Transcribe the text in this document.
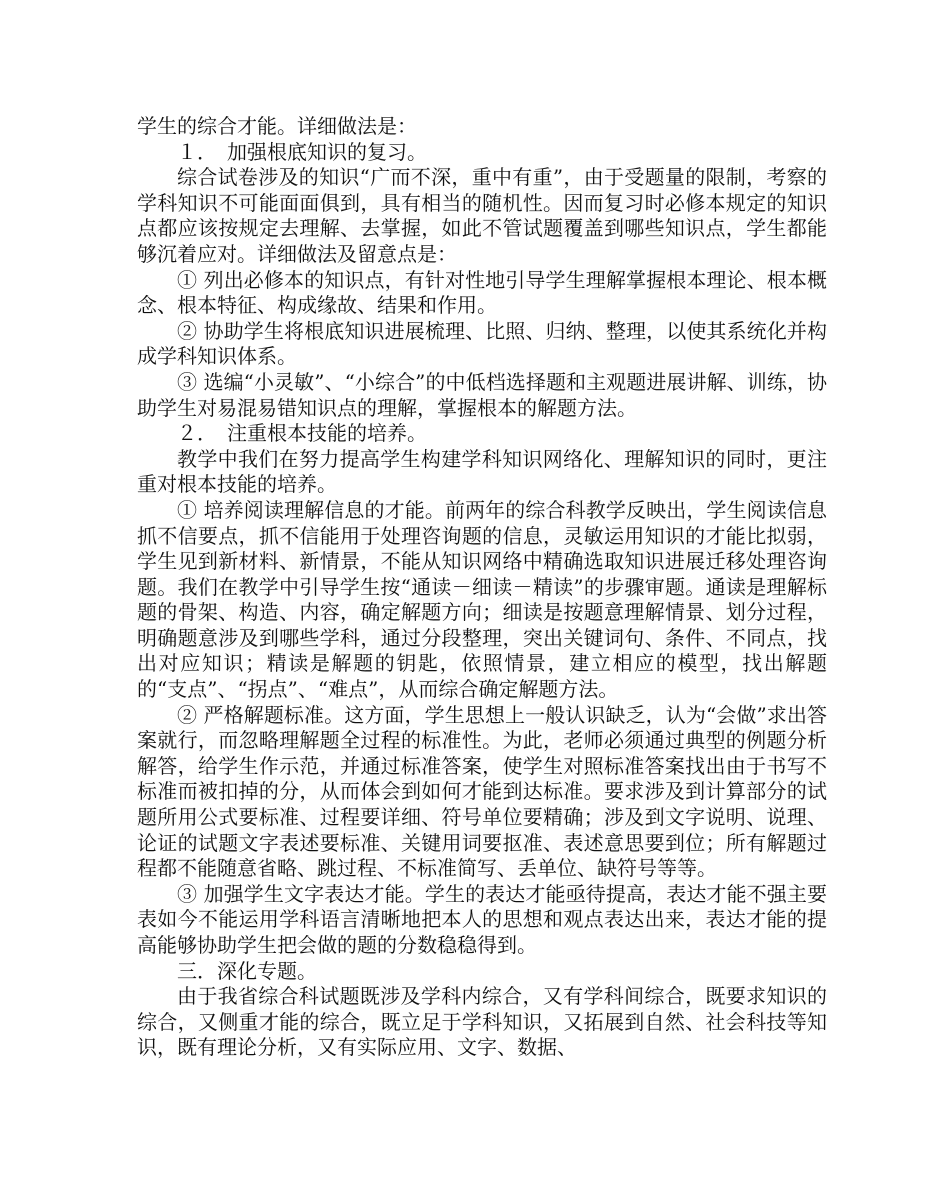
学生的综合才能。详细做法是：

１．　加强根底知识的复习。

综合试卷涉及的知识“广而不深，重中有重”，由于受题量的限制，考察的学科知识不可能面面俱到，具有相当的随机性。因而复习时必修本规定的知识点都应该按规定去理解、去掌握，如此不管试题覆盖到哪些知识点，学生都能够沉着应对。详细做法及留意点是：

① 列出必修本的知识点，有针对性地引导学生理解掌握根本理论、根本概念、根本特征、构成缘故、结果和作用。

② 协助学生将根底知识进展梳理、比照、归纳、整理，以使其系统化并构成学科知识体系。

③ 选编“小灵敏”、“小综合”的中低档选择题和主观题进展讲解、训练，协助学生对易混易错知识点的理解，掌握根本的解题方法。

２．　注重根本技能的培养。

教学中我们在努力提高学生构建学科知识网络化、理解知识的同时，更注重对根本技能的培养。

① 培养阅读理解信息的才能。前两年的综合科教学反映出，学生阅读信息抓不信要点，抓不信能用于处理咨询题的信息，灵敏运用知识的才能比拟弱，学生见到新材料、新情景，不能从知识网络中精确选取知识进展迁移处理咨询题。我们在教学中引导学生按“通读－细读－精读”的步骤审题。通读是理解标题的骨架、构造、内容，确定解题方向；细读是按题意理解情景、划分过程，明确题意涉及到哪些学科，通过分段整理，突出关键词句、条件、不同点，找出对应知识；精读是解题的钥匙，依照情景，建立相应的模型，找出解题的“支点”、“拐点”、“难点”，从而综合确定解题方法。

② 严格解题标准。这方面，学生思想上一般认识缺乏，认为“会做”求出答案就行，而忽略理解题全过程的标准性。为此，老师必须通过典型的例题分析解答，给学生作示范，并通过标准答案，使学生对照标准答案找出由于书写不标准而被扣掉的分，从而体会到如何才能到达标准。要求涉及到计算部分的试题所用公式要标准、过程要详细、符号单位要精确；涉及到文字说明、说理、论证的试题文字表述要标准、关键用词要抠准、表述意思要到位；所有解题过程都不能随意省略、跳过程、不标准简写、丢单位、缺符号等等。

③ 加强学生文字表达才能。学生的表达才能亟待提高，表达才能不强主要表如今不能运用学科语言清晰地把本人的思想和观点表达出来，表达才能的提高能够协助学生把会做的题的分数稳稳得到。

三．深化专题。

由于我省综合科试题既涉及学科内综合，又有学科间综合，既要求知识的综合，又侧重才能的综合，既立足于学科知识，又拓展到自然、社会科技等知识，既有理论分析，又有实际应用、文字、数据、
